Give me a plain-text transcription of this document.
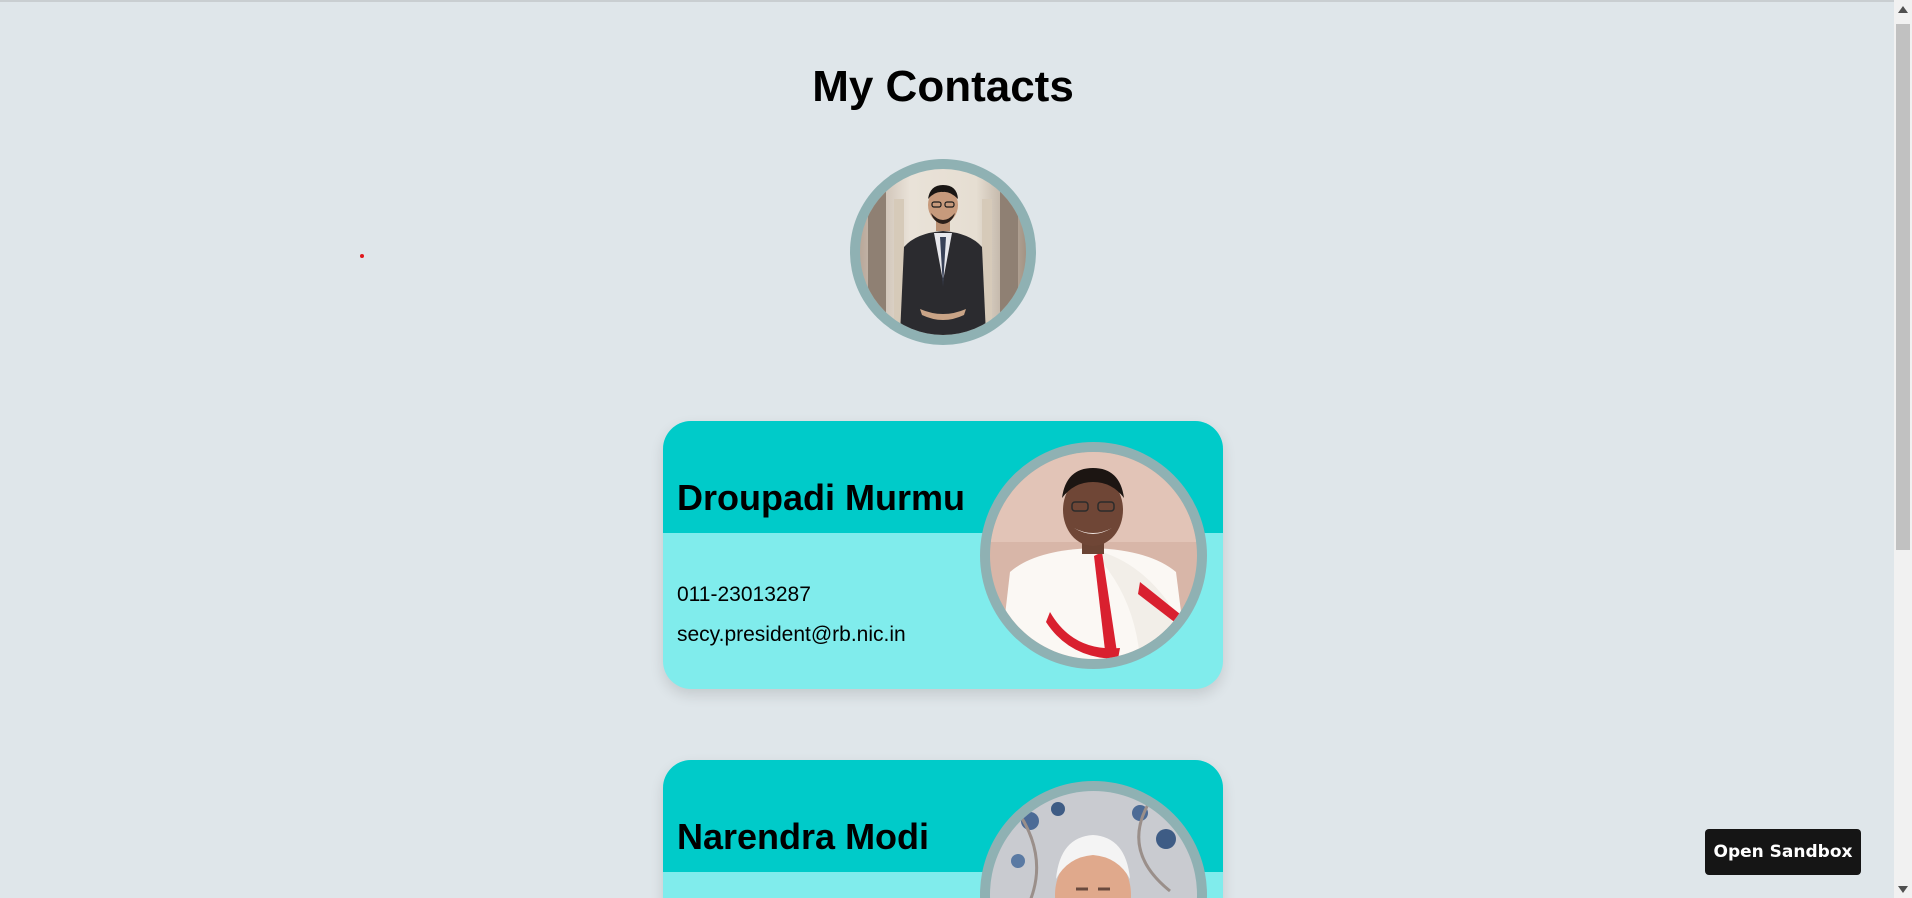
My Contacts
Droupadi Murmu
011-23013287
secy.president@rb.nic.in
Narendra Modi	Open Sandbox
